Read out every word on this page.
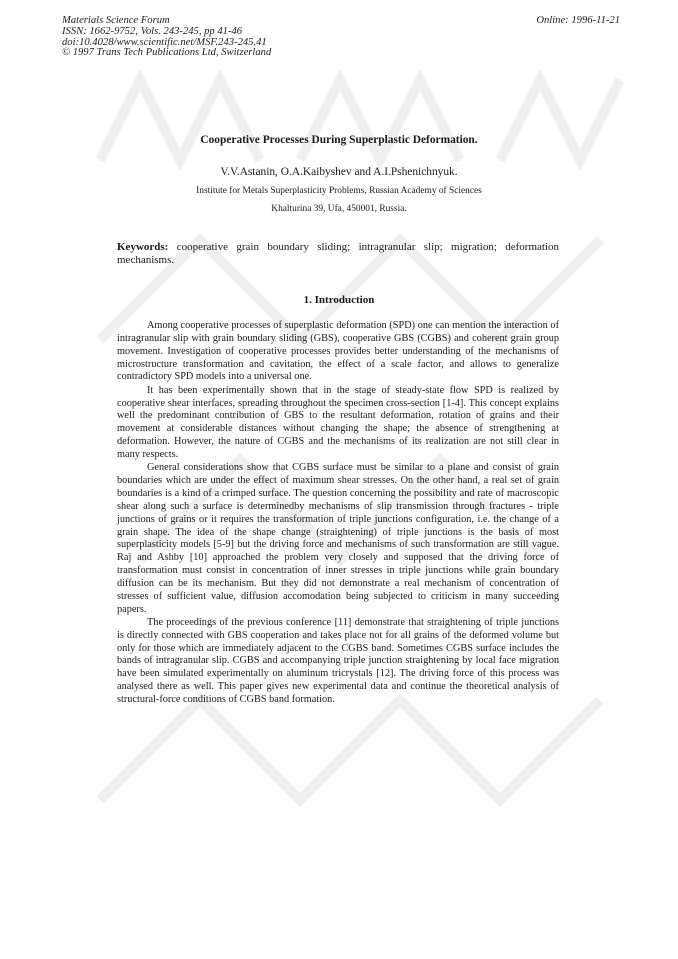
Materials Science Forum
ISSN: 1662-9752, Vols. 243-245, pp 41-46
doi:10.4028/www.scientific.net/MSF.243-245.41
© 1997 Trans Tech Publications Ltd, Switzerland
Online: 1996-11-21
Cooperative Processes During Superplastic Deformation.
V.V.Astanin, O.A.Kaibyshev and A.I.Pshenichnyuk.
Institute for Metals Superplasticity Problems, Russian Academy of Sciences
Khalturina 39, Ufa, 450001, Russia.
Keywords: cooperative grain boundary sliding; intragranular slip; migration; deformation mechanisms.
1. Introduction

Among cooperative processes of superplastic deformation (SPD) one can mention the interaction of intragranular slip with grain boundary sliding (GBS), cooperative GBS (CGBS) and coherent grain group movement. Investigation of cooperative processes provides better understanding of the mechanisms of microstructure transformation and cavitation, the effect of a scale factor, and allows to generalize contradictory SPD models into a universal one.

It has been experimentally shown that in the stage of steady-state flow SPD is realized by cooperative shear interfaces, spreading throughout the specimen cross-section [1-4]. This concept explains well the predominant contribution of GBS to the resultant deformation, rotation of grains and their movement at considerable distances without changing the shape; the absence of strengthening at deformation. However, the nature of CGBS and the mechanisms of its realization are not still clear in many respects.

General considerations show that CGBS surface must be similar to a plane and consist of grain boundaries which are under the effect of maximum shear stresses. On the other hand, a real set of grain boundaries is a kind of a crimped surface. The question concerning the possibility and rate of macroscopic shear along such a surface is determinedby mechanisms of slip transmission through fractures - triple junctions of grains or it requires the transformation of triple junctions configuration, i.e. the change of a grain shape. The idea of the shape change (straightening) of triple junctions is the basis of most superplasticity models [5-9] but the driving force and mechanisms of such transformation are still vague. Raj and Ashby [10] approached the problem very closely and supposed that the driving force of transformation must consist in concentration of inner stresses in triple junctions while grain boundary diffusion can be its mechanism. But they did not demonstrate a real mechanism of concentration of stresses of sufficient value, diffusion accomodation being subjected to criticism in many succeeding papers.

The proceedings of the previous conference [11] demonstrate that straightening of triple junctions is directly connected with GBS cooperation and takes place not for all grains of the deformed volume but only for those which are immediately adjacent to the CGBS band. Sometimes CGBS surface includes the bands of intragranular slip. CGBS and accompanying triple junction straightening by local face migration have been simulated experimentally on aluminum tricrystals [12]. The driving force of this process was analysed there as well. This paper gives new experimental data and continue the theoretical analysis of structural-force conditions of CGBS band formation.
